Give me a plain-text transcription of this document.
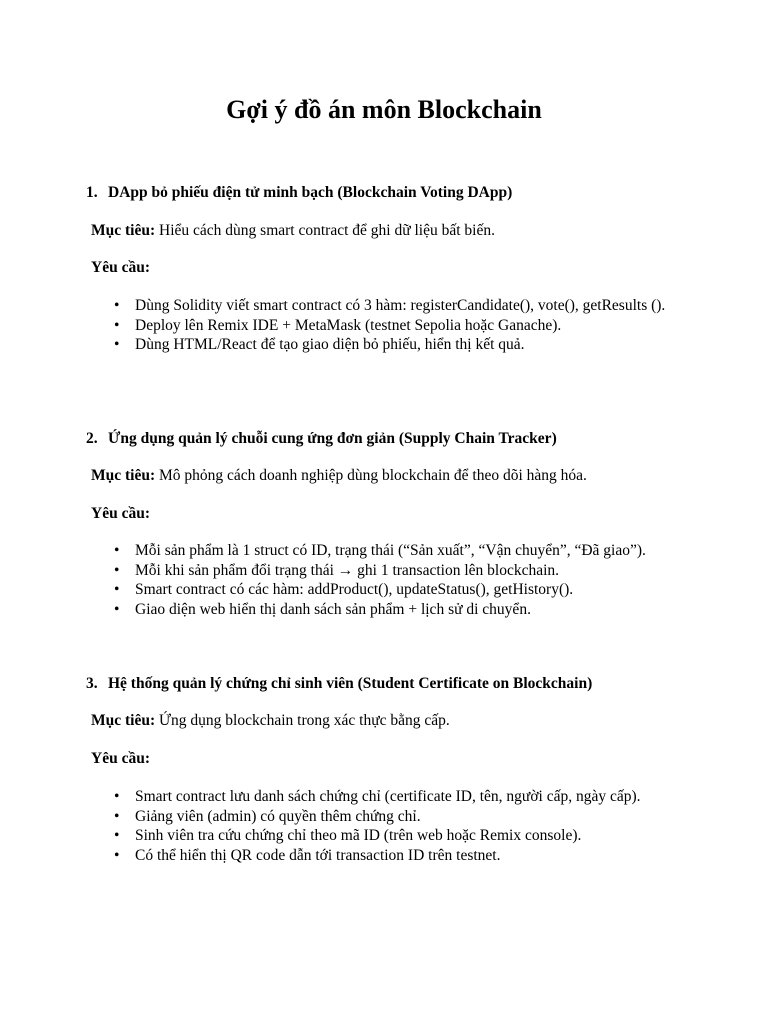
Gợi ý đồ án môn Blockchain
1. DApp bỏ phiếu điện tử minh bạch (Blockchain Voting DApp)

Mục tiêu: Hiểu cách dùng smart contract để ghi dữ liệu bất biến.

Yêu cầu:

• Dùng Solidity viết smart contract có 3 hàm: registerCandidate(), vote(), getResults ().
• Deploy lên Remix IDE + MetaMask (testnet Sepolia hoặc Ganache).
• Dùng HTML/React để tạo giao diện bỏ phiếu, hiển thị kết quả.
2. Ứng dụng quản lý chuỗi cung ứng đơn giản (Supply Chain Tracker)

Mục tiêu: Mô phỏng cách doanh nghiệp dùng blockchain để theo dõi hàng hóa.

Yêu cầu:

• Mỗi sản phẩm là 1 struct có ID, trạng thái (“Sản xuất”, “Vận chuyển”, “Đã giao”).
• Mỗi khi sản phẩm đổi trạng thái → ghi 1 transaction lên blockchain.
• Smart contract có các hàm: addProduct(), updateStatus(), getHistory().
• Giao diện web hiển thị danh sách sản phẩm + lịch sử di chuyển.
3. Hệ thống quản lý chứng chỉ sinh viên (Student Certificate on Blockchain)

Mục tiêu: Ứng dụng blockchain trong xác thực bằng cấp.

Yêu cầu:

• Smart contract lưu danh sách chứng chỉ (certificate ID, tên, người cấp, ngày cấp).
• Giảng viên (admin) có quyền thêm chứng chỉ.
• Sinh viên tra cứu chứng chỉ theo mã ID (trên web hoặc Remix console).
• Có thể hiển thị QR code dẫn tới transaction ID trên testnet.
